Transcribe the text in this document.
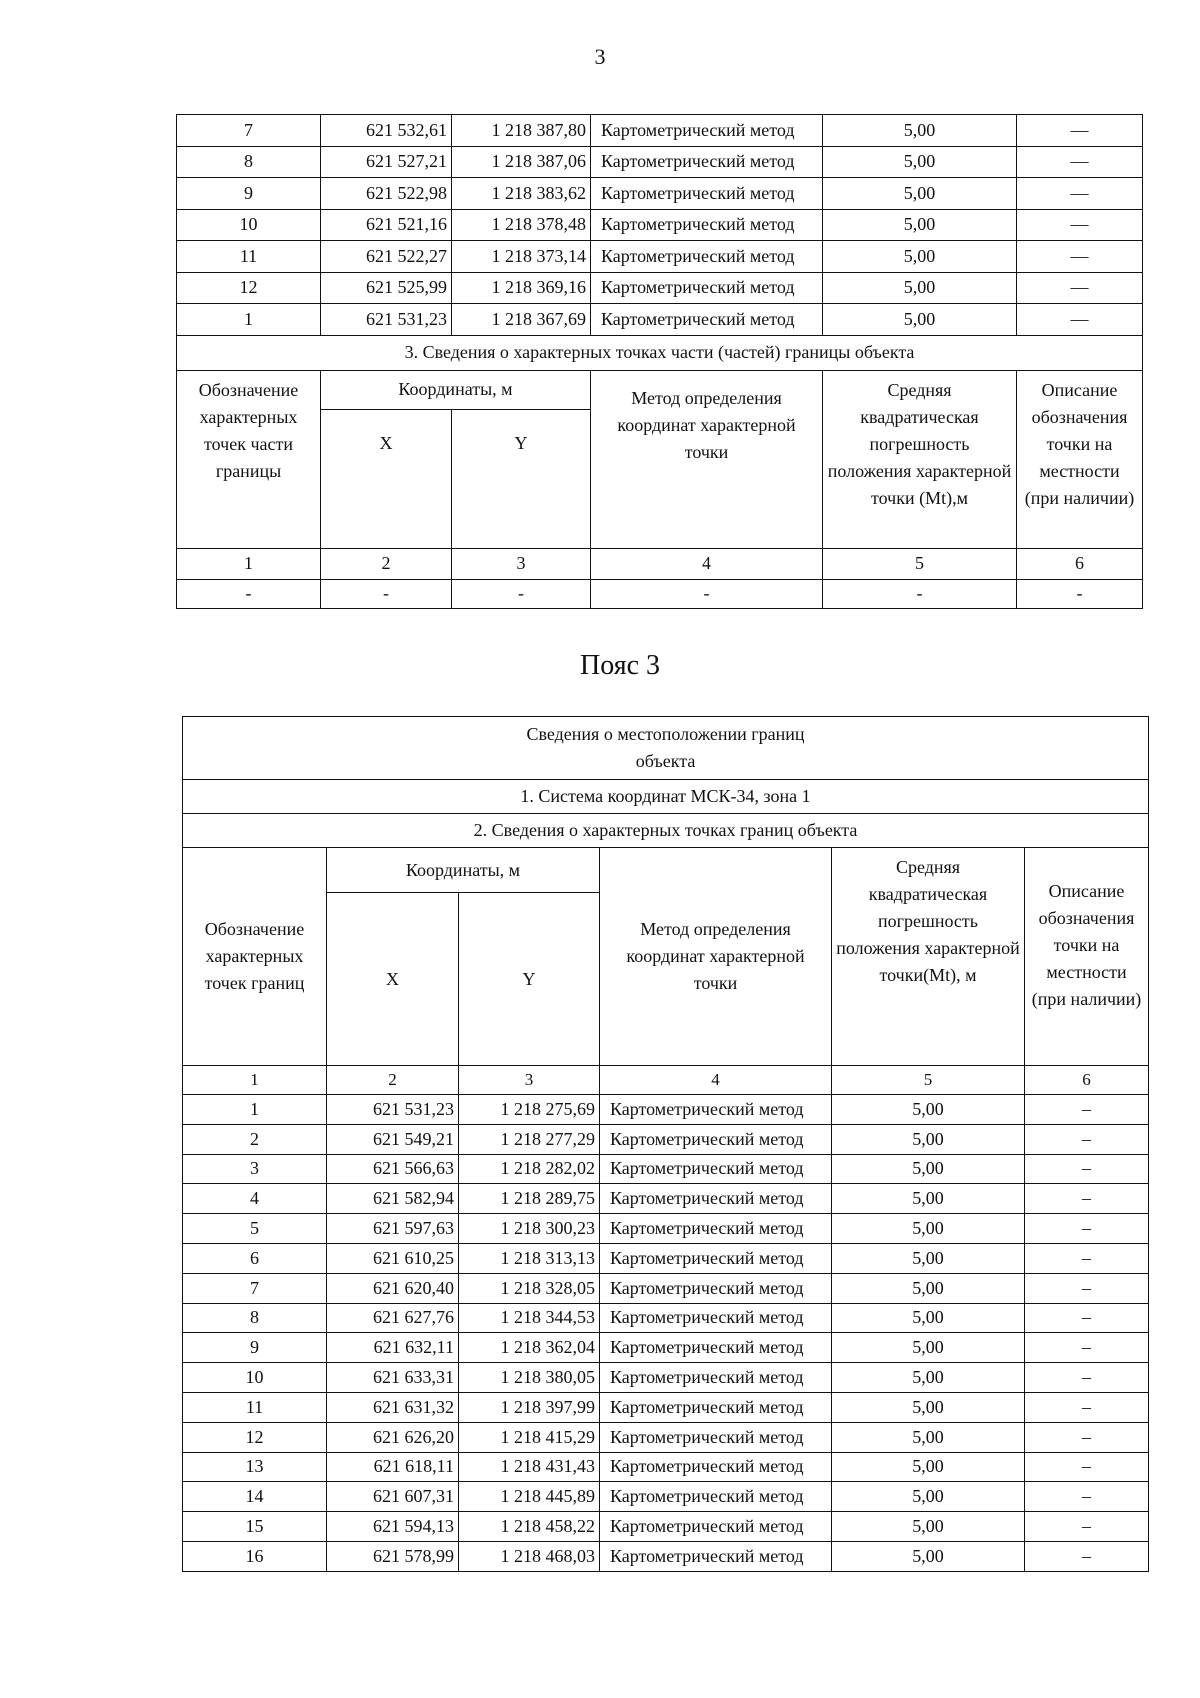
3
7	621 532,61	1 218 387,80	Картометрический метод	5,00	—
8	621 527,21	1 218 387,06	Картометрический метод	5,00	—
9	621 522,98	1 218 383,62	Картометрический метод	5,00	—
10	621 521,16	1 218 378,48	Картометрический метод	5,00	—
11	621 522,27	1 218 373,14	Картометрический метод	5,00	—
12	621 525,99	1 218 369,16	Картометрический метод	5,00	—
1	621 531,23	1 218 367,69	Картометрический метод	5,00	—
3. Сведения о характерных точках части (частей) границы объекта					
Обозначение характерных точек части границы	Координаты, м		Метод определения координат характерной точки	Средняя квадратическая погрешность положения характерной точки (Mt),м	Описание обозначения точки на местности (при наличии)
	X	Y			
1	2	3	4	5	6
-	-	-	-	-	-
Пояс 3
Сведения о местоположении границ объекта					

1. Система координат МСК-34, зона 1					
2. Сведения о характерных точках границ объекта					
Обозначение характерных точек границ	Координаты, м		Метод определения координат характерной точки	Средняя квадратическая погрешность положения характерной точки(Mt), м	Описание обозначения точки на местности (при наличии)
	X	Y			
1	2	3	4	5	6
1	621 531,23	1 218 275,69	Картометрический метод	5,00	–
2	621 549,21	1 218 277,29	Картометрический метод	5,00	–
3	621 566,63	1 218 282,02	Картометрический метод	5,00	–
4	621 582,94	1 218 289,75	Картометрический метод	5,00	–
5	621 597,63	1 218 300,23	Картометрический метод	5,00	–
6	621 610,25	1 218 313,13	Картометрический метод	5,00	–
7	621 620,40	1 218 328,05	Картометрический метод	5,00	–
8	621 627,76	1 218 344,53	Картометрический метод	5,00	–
9	621 632,11	1 218 362,04	Картометрический метод	5,00	–
10	621 633,31	1 218 380,05	Картометрический метод	5,00	–
11	621 631,32	1 218 397,99	Картометрический метод	5,00	–
12	621 626,20	1 218 415,29	Картометрический метод	5,00	–
13	621 618,11	1 218 431,43	Картометрический метод	5,00	–
14	621 607,31	1 218 445,89	Картометрический метод	5,00	–
15	621 594,13	1 218 458,22	Картометрический метод	5,00	–
16	621 578,99	1 218 468,03	Картометрический метод	5,00	–
